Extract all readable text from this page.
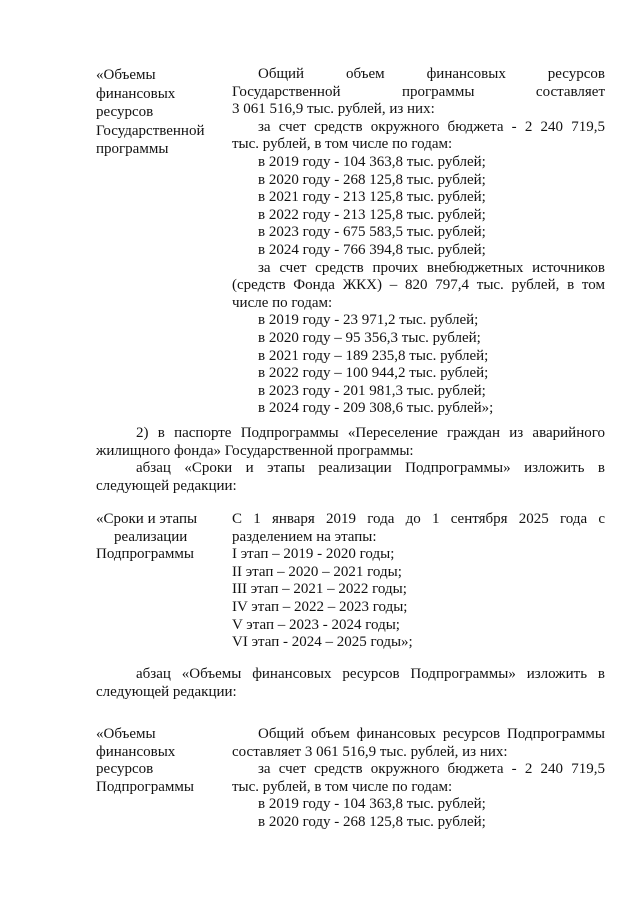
«Объемы финансовых ресурсов Государственной программы
Общий объем финансовых ресурсов
Государственной программы составляет
3 061 516,9 тыс. рублей, из них:
за счет средств окружного бюджета - 2 240 719,5
тыс. рублей, в том числе по годам:
в 2019 году - 104 363,8 тыс. рублей;
в 2020 году - 268 125,8 тыс. рублей;
в 2021 году - 213 125,8 тыс. рублей;
в 2022 году - 213 125,8 тыс. рублей;
в 2023 году - 675 583,5 тыс. рублей;
в 2024 году - 766 394,8 тыс. рублей;
за счет средств прочих внебюджетных источников
(средств Фонда ЖКХ) – 820 797,4 тыс. рублей, в том
числе по годам:
в 2019 году - 23 971,2 тыс. рублей;
в 2020 году – 95 356,3 тыс. рублей;
в 2021 году – 189 235,8 тыс. рублей;
в 2022 году – 100 944,2 тыс. рублей;
в 2023 году - 201 981,3 тыс. рублей;
в 2024 году - 209 308,6 тыс. рублей»;
2) в паспорте Подпрограммы «Переселение граждан из аварийного
жилищного фонда» Государственной программы:
абзац «Сроки и этапы реализации Подпрограммы» изложить в
следующей редакции:
«Сроки и этапы
реализации
Подпрограммы
С 1 января 2019 года до 1 сентября 2025 года с
разделением на этапы:
I этап – 2019 - 2020 годы;
II этап – 2020 – 2021 годы;
III этап – 2021 – 2022 годы;
IV этап – 2022 – 2023 годы;
V этап – 2023 - 2024 годы;
VI этап - 2024 – 2025 годы»;
абзац «Объемы финансовых ресурсов Подпрограммы» изложить в
следующей редакции:
«Объемы
финансовых
ресурсов
Подпрограммы
Общий объем финансовых ресурсов Подпрограммы
составляет 3 061 516,9 тыс. рублей, из них:
за счет средств окружного бюджета - 2 240 719,5
тыс. рублей, в том числе по годам:
в 2019 году - 104 363,8 тыс. рублей;
в 2020 году - 268 125,8 тыс. рублей;
